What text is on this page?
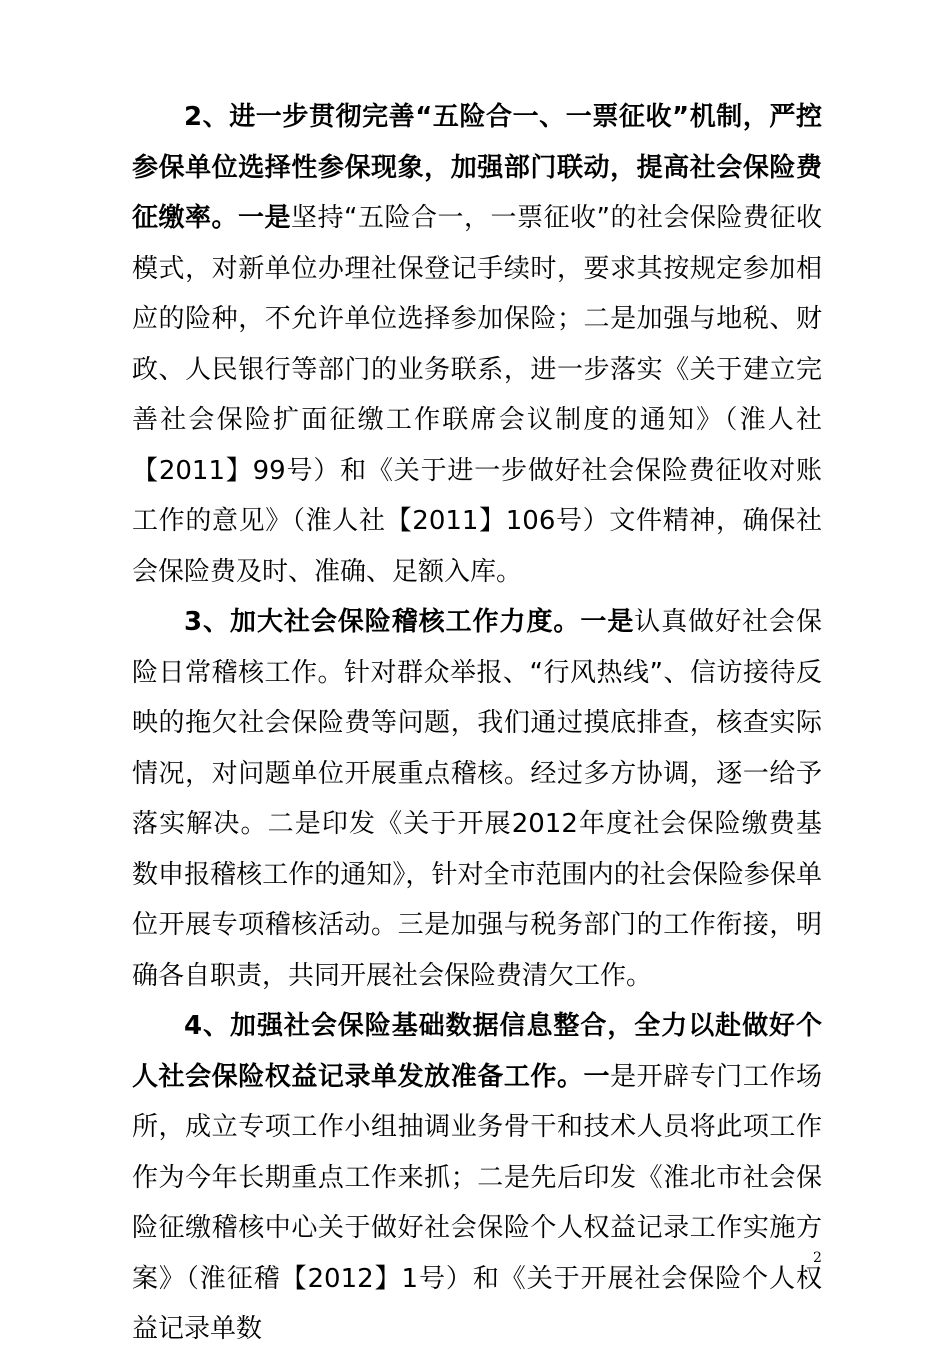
2、进一步贯彻完善“五险合一、一票征收”机制，严控参保单位选择性参保现象，加强部门联动，提高社会保险费征缴率。一是坚持“五险合一，一票征收”的社会保险费征收模式，对新单位办理社保登记手续时，要求其按规定参加相应的险种，不允许单位选择参加保险；二是加强与地税、财政、人民银行等部门的业务联系，进一步落实《关于建立完善社会保险扩面征缴工作联席会议制度的通知》（淮人社【2011】99号）和《关于进一步做好社会保险费征收对账工作的意见》（淮人社【2011】106号）文件精神，确保社会保险费及时、准确、足额入库。

3、加大社会保险稽核工作力度。一是认真做好社会保险日常稽核工作。针对群众举报、“行风热线”、信访接待反映的拖欠社会保险费等问题，我们通过摸底排查，核查实际情况，对问题单位开展重点稽核。经过多方协调，逐一给予落实解决。二是印发《关于开展2012年度社会保险缴费基数申报稽核工作的通知》，针对全市范围内的社会保险参保单位开展专项稽核活动。三是加强与税务部门的工作衔接，明确各自职责，共同开展社会保险费清欠工作。

4、加强社会保险基础数据信息整合，全力以赴做好个人社会保险权益记录单发放准备工作。一是开辟专门工作场所，成立专项工作小组抽调业务骨干和技术人员将此项工作作为今年长期重点工作来抓；二是先后印发《淮北市社会保险征缴稽核中心关于做好社会保险个人权益记录工作实施方案》（淮征稽【2012】1号）和《关于开展社会保险个人权益记录单数

2
